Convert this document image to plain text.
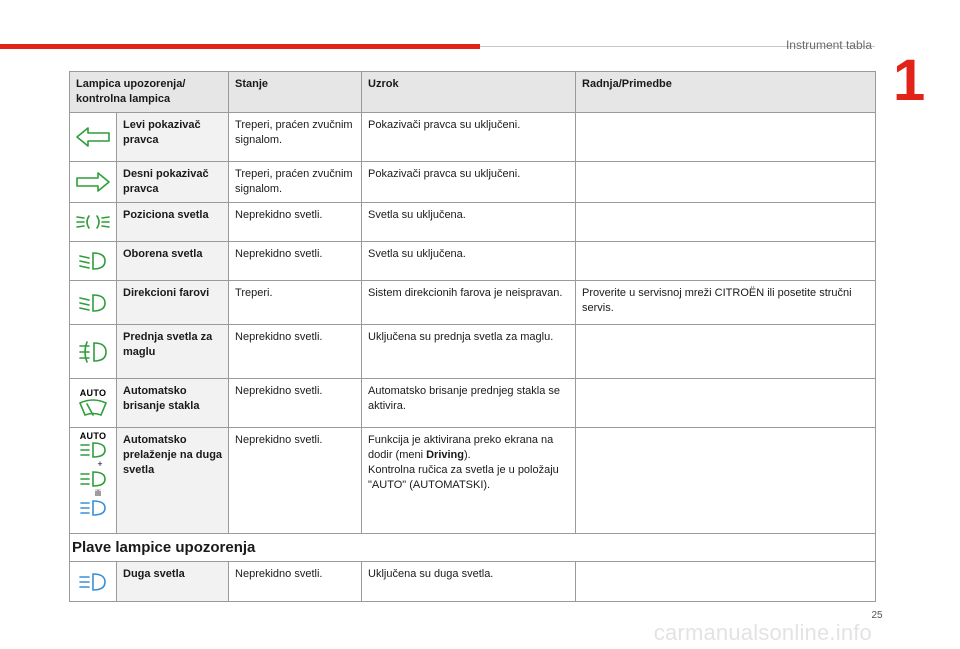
Instrument tabla
1
Lampica upozorenja/
kontrolna lampica		Stanje	Uzrok	Radnja/Primedbe

	Levi pokazivač pravca	Treperi, praćen zvučnim signalom.	Pokazivači pravca su uključeni.	

	Desni pokazivač pravca	Treperi, praćen zvučnim signalom.	Pokazivači pravca su uključeni.	

	Poziciona svetla	Neprekidno svetli.	Svetla su uključena.	

	Oborena svetla	Neprekidno svetli.	Svetla su uključena.	

	Direkcioni farovi	Treperi.	Sistem direkcionih farova je neispravan.	Proverite u servisnoj mreži CITROËN ili posetite stručni servis.

	Prednja svetla za maglu	Neprekidno svetli.	Uključena su prednja svetla za maglu.	

AUTO	Automatsko brisanje stakla	Neprekidno svetli.	Automatsko brisanje prednjeg stakla se aktivira.	

AUTO
+
ili	Automatsko prelaženje na duga svetla	Neprekidno svetli.	Funkcija je aktivirana preko ekrana na dodir (meni Driving).
Kontrolna ručica za svetla je u položaju "AUTO" (AUTOMATSKI).	
Plave lampice upozorenja				

	Duga svetla	Neprekidno svetli.	Uključena su duga svetla.	
25
carmanualsonline.info
